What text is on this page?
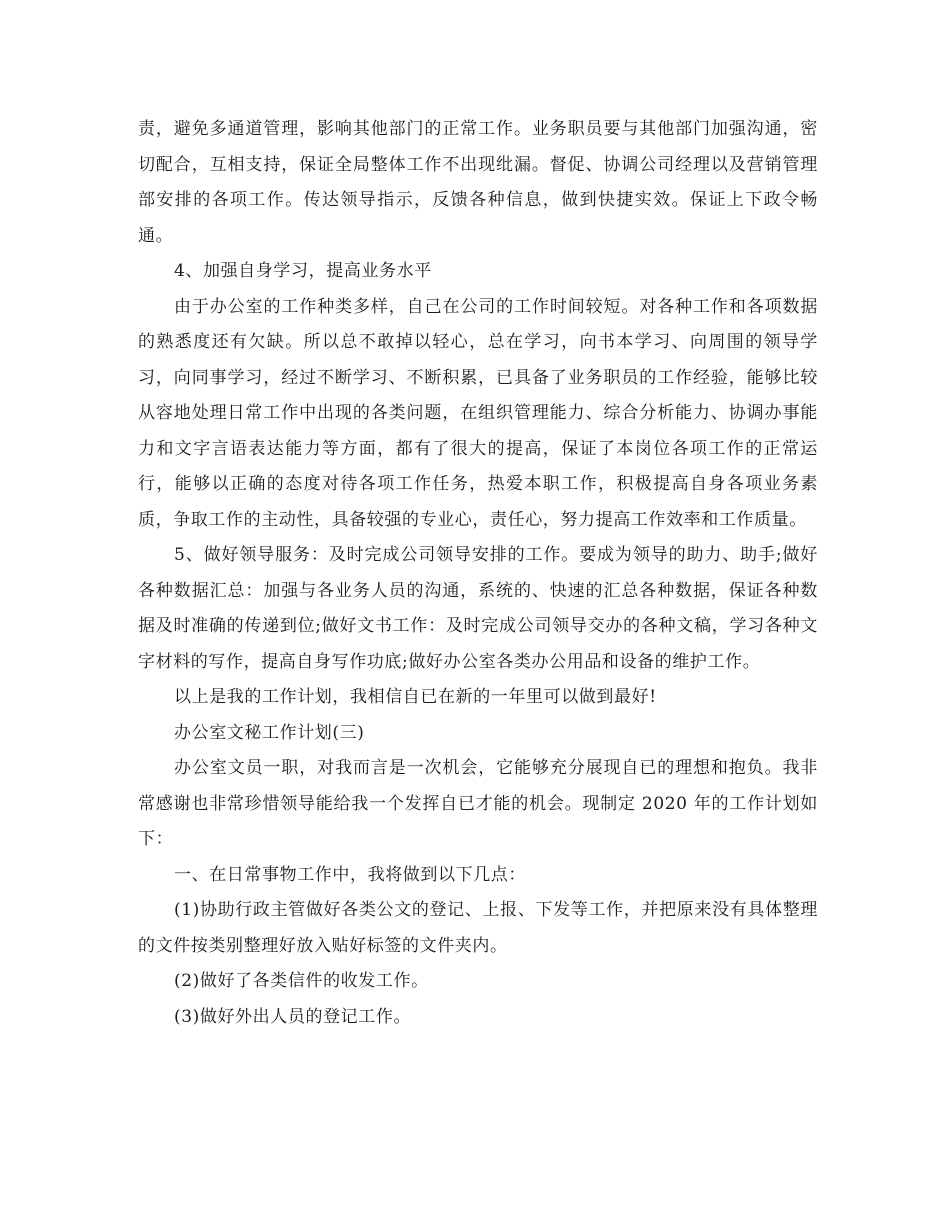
责，避免多通道管理，影响其他部门的正常工作。业务职员要与其他部门加强沟通，密切配合，互相支持，保证全局整体工作不出现纰漏。督促、协调公司经理以及营销管理部安排的各项工作。传达领导指示，反馈各种信息，做到快捷实效。保证上下政令畅通。

4、加强自身学习，提高业务水平

由于办公室的工作种类多样，自己在公司的工作时间较短。对各种工作和各项数据的熟悉度还有欠缺。所以总不敢掉以轻心，总在学习，向书本学习、向周围的领导学习，向同事学习，经过不断学习、不断积累，已具备了业务职员的工作经验，能够比较从容地处理日常工作中出现的各类问题，在组织管理能力、综合分析能力、协调办事能力和文字言语表达能力等方面，都有了很大的提高，保证了本岗位各项工作的正常运行，能够以正确的态度对待各项工作任务，热爱本职工作，积极提高自身各项业务素质，争取工作的主动性，具备较强的专业心，责任心，努力提高工作效率和工作质量。

5、做好领导服务：及时完成公司领导安排的工作。要成为领导的助力、助手;做好各种数据汇总：加强与各业务人员的沟通，系统的、快速的汇总各种数据，保证各种数据及时准确的传递到位;做好文书工作：及时完成公司领导交办的各种文稿，学习各种文字材料的写作，提高自身写作功底;做好办公室各类办公用品和设备的维护工作。

以上是我的工作计划，我相信自已在新的一年里可以做到最好!

办公室文秘工作计划(三)

办公室文员一职，对我而言是一次机会，它能够充分展现自已的理想和抱负。我非常感谢也非常珍惜领导能给我一个发挥自已才能的机会。现制定 2020 年的工作计划如下：

一、在日常事物工作中，我将做到以下几点：

(1)协助行政主管做好各类公文的登记、上报、下发等工作，并把原来没有具体整理的文件按类别整理好放入贴好标签的文件夹内。

(2)做好了各类信件的收发工作。

(3)做好外出人员的登记工作。
